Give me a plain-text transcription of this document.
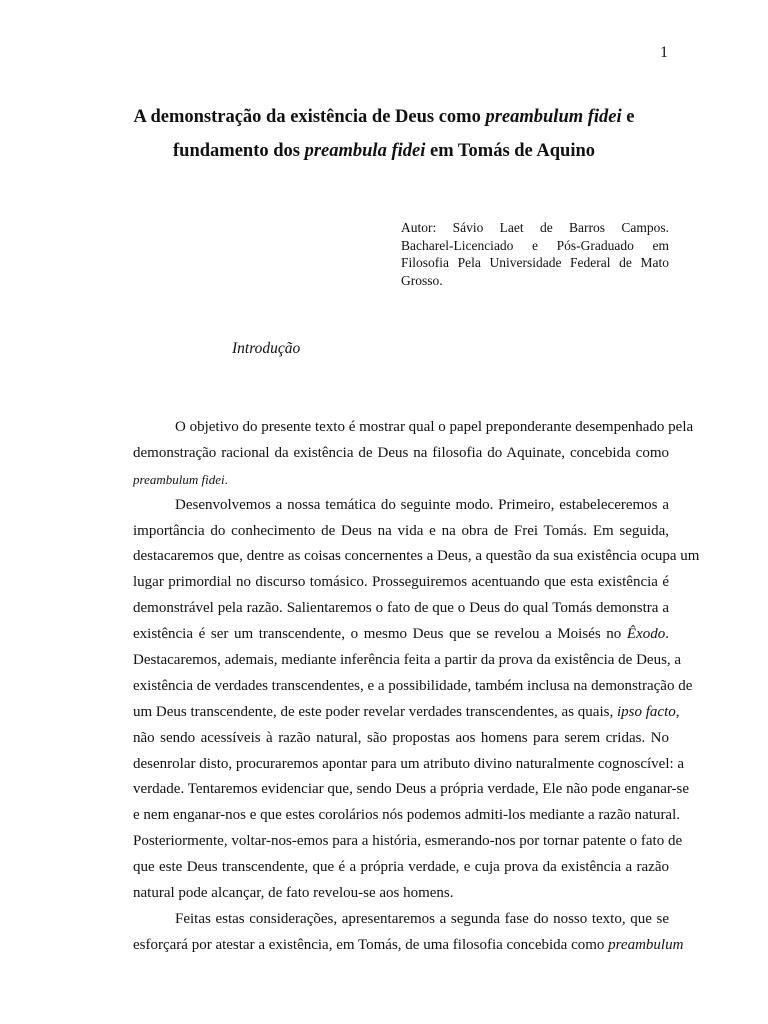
1
A demonstração da existência de Deus como preambulum fidei e
fundamento dos preambula fidei em Tomás de Aquino
Autor: Sávio Laet de Barros Campos.
Bacharel-Licenciado e Pós-Graduado em
Filosofia Pela Universidade Federal de Mato
Grosso.
Introdução
O objetivo do presente texto é mostrar qual o papel preponderante desempenhado pela
demonstração racional da existência de Deus na filosofia do Aquinate, concebida como
preambulum fidei.
Desenvolvemos a nossa temática do seguinte modo. Primeiro, estabeleceremos a
importância do conhecimento de Deus na vida e na obra de Frei Tomás. Em seguida,
destacaremos que, dentre as coisas concernentes a Deus, a questão da sua existência ocupa um
lugar primordial no discurso tomásico. Prosseguiremos acentuando que esta existência é
demonstrável pela razão. Salientaremos o fato de que o Deus do qual Tomás demonstra a
existência é ser um transcendente, o mesmo Deus que se revelou a Moisés no Êxodo.
Destacaremos, ademais, mediante inferência feita a partir da prova da existência de Deus, a
existência de verdades transcendentes, e a possibilidade, também inclusa na demonstração de
um Deus transcendente, de este poder revelar verdades transcendentes, as quais, ipso facto,
não sendo acessíveis à razão natural, são propostas aos homens para serem cridas. No
desenrolar disto, procuraremos apontar para um atributo divino naturalmente cognoscível: a
verdade. Tentaremos evidenciar que, sendo Deus a própria verdade, Ele não pode enganar-se
e nem enganar-nos e que estes corolários nós podemos admiti-los mediante a razão natural.
Posteriormente, voltar-nos-emos para a história, esmerando-nos por tornar patente o fato de
que este Deus transcendente, que é a própria verdade, e cuja prova da existência a razão
natural pode alcançar, de fato revelou-se aos homens.
Feitas estas considerações, apresentaremos a segunda fase do nosso texto, que se
esforçará por atestar a existência, em Tomás, de uma filosofia concebida como preambulum
